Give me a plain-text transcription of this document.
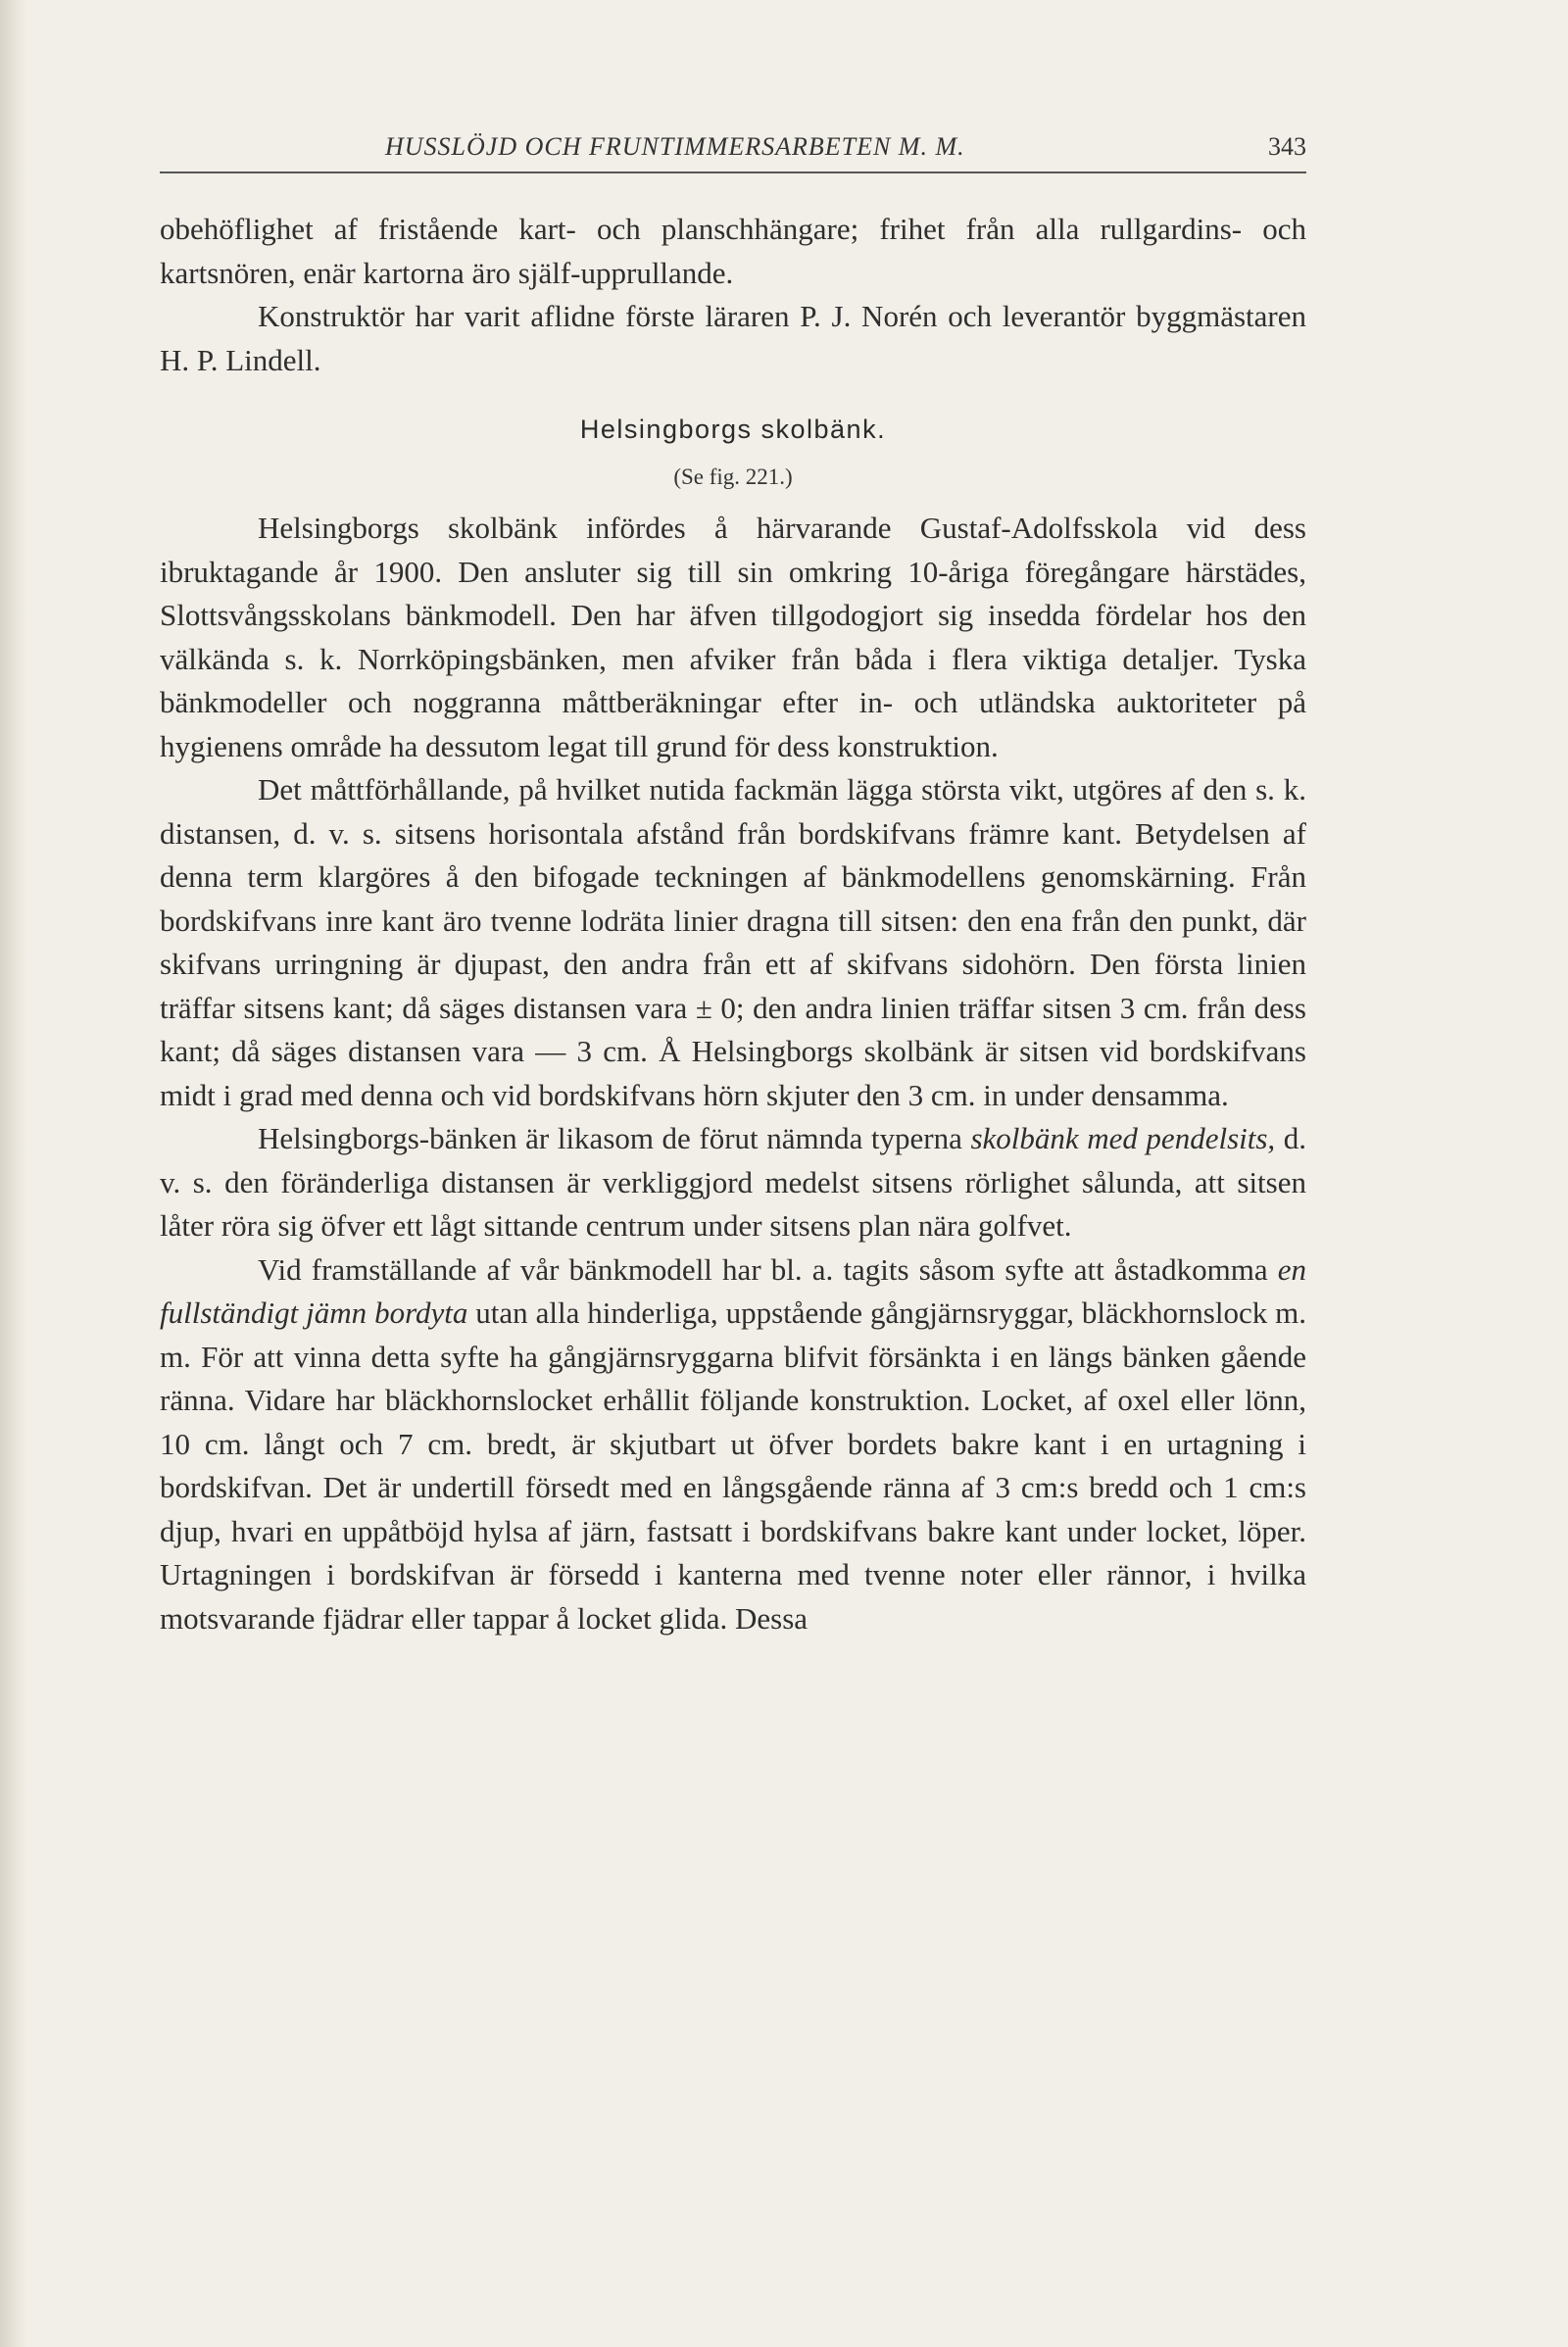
HUSSLÖJD OCH FRUNTIMMERSARBETEN M. M.	343

obehöflighet af fristående kart- och planschhängare; frihet från alla rullgardins- och kartsnören, enär kartorna äro själf-upprullande.

Konstruktör har varit aflidne förste läraren P. J. Norén och leverantör byggmästaren H. P. Lindell.

Helsingborgs skolbänk.
(Se fig. 221.)

Helsingborgs skolbänk infördes å härvarande Gustaf-Adolfsskola vid dess ibruktagande år 1900. Den ansluter sig till sin omkring 10-åriga föregångare härstädes, Slottsvångsskolans bänkmodell. Den har äfven tillgodogjort sig insedda fördelar hos den välkända s. k. Norrköpingsbänken, men afviker från båda i flera viktiga detaljer. Tyska bänkmodeller och noggranna måttberäkningar efter in- och utländska auktoriteter på hygienens område ha dessutom legat till grund för dess konstruktion.

Det måttförhållande, på hvilket nutida fackmän lägga största vikt, utgöres af den s. k. distansen, d. v. s. sitsens horisontala afstånd från bordskifvans främre kant. Betydelsen af denna term klargöres å den bifogade teckningen af bänkmodellens genomskärning. Från bordskifvans inre kant äro tvenne lodräta linier dragna till sitsen: den ena från den punkt, där skifvans urringning är djupast, den andra från ett af skifvans sidohörn. Den första linien träffar sitsens kant; då säges distansen vara ± 0; den andra linien träffar sitsen 3 cm. från dess kant; då säges distansen vara — 3 cm. Å Helsingborgs skolbänk är sitsen vid bordskifvans midt i grad med denna och vid bordskifvans hörn skjuter den 3 cm. in under densamma.

Helsingborgs-bänken är likasom de förut nämnda typerna skolbänk med pendelsits, d. v. s. den föränderliga distansen är verkliggjord medelst sitsens rörlighet sålunda, att sitsen låter röra sig öfver ett lågt sittande centrum under sitsens plan nära golfvet.

Vid framställande af vår bänkmodell har bl. a. tagits såsom syfte att åstadkomma en fullständigt jämn bordyta utan alla hinderliga, uppstående gångjärnsryggar, bläckhornslock m. m. För att vinna detta syfte ha gångjärnsryggarna blifvit försänkta i en längs bänken gående ränna. Vidare har bläckhornslocket erhållit följande konstruktion. Locket, af oxel eller lönn, 10 cm. långt och 7 cm. bredt, är skjutbart ut öfver bordets bakre kant i en urtagning i bordskifvan. Det är undertill försedt med en långsgående ränna af 3 cm:s bredd och 1 cm:s djup, hvari en uppåtböjd hylsa af järn, fastsatt i bordskifvans bakre kant under locket, löper. Urtagningen i bordskifvan är försedd i kanterna med tvenne noter eller rännor, i hvilka motsvarande fjädrar eller tappar å locket glida. Dessa
